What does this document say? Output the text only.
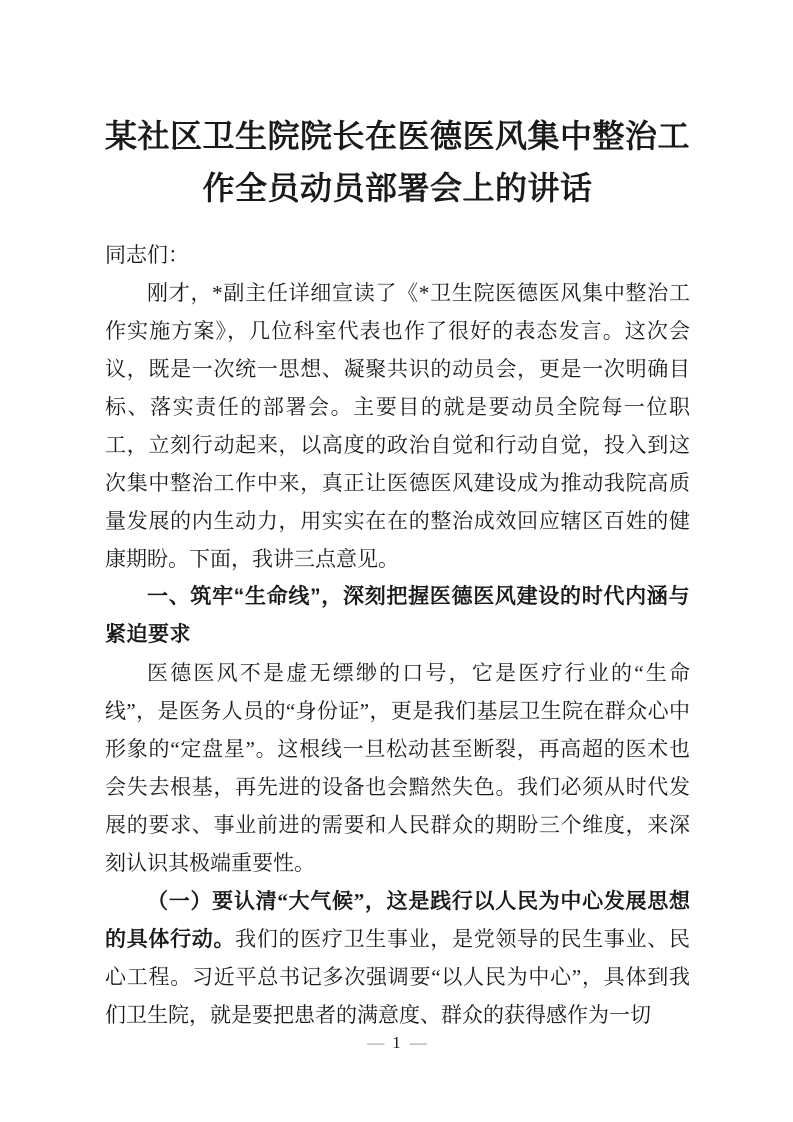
某社区卫生院院长在医德医风集中整治工作全员动员部署会上的讲话

同志们：

刚才，*副主任详细宣读了《*卫生院医德医风集中整治工作实施方案》，几位科室代表也作了很好的表态发言。这次会议，既是一次统一思想、凝聚共识的动员会，更是一次明确目标、落实责任的部署会。主要目的就是要动员全院每一位职工，立刻行动起来，以高度的政治自觉和行动自觉，投入到这次集中整治工作中来，真正让医德医风建设成为推动我院高质量发展的内生动力，用实实在在的整治成效回应辖区百姓的健康期盼。下面，我讲三点意见。

一、筑牢“生命线”，深刻把握医德医风建设的时代内涵与紧迫要求

医德医风不是虚无缥缈的口号，它是医疗行业的“生命线”，是医务人员的“身份证”，更是我们基层卫生院在群众心中形象的“定盘星”。这根线一旦松动甚至断裂，再高超的医术也会失去根基，再先进的设备也会黯然失色。我们必须从时代发展的要求、事业前进的需要和人民群众的期盼三个维度，来深刻认识其极端重要性。

（一）要认清“大气候”，这是践行以人民为中心发展思想的具体行动。我们的医疗卫生事业，是党领导的民生事业、民心工程。习近平总书记多次强调要“以人民为中心”，具体到我们卫生院，就是要把患者的满意度、群众的获得感作为一切

— 1 —
